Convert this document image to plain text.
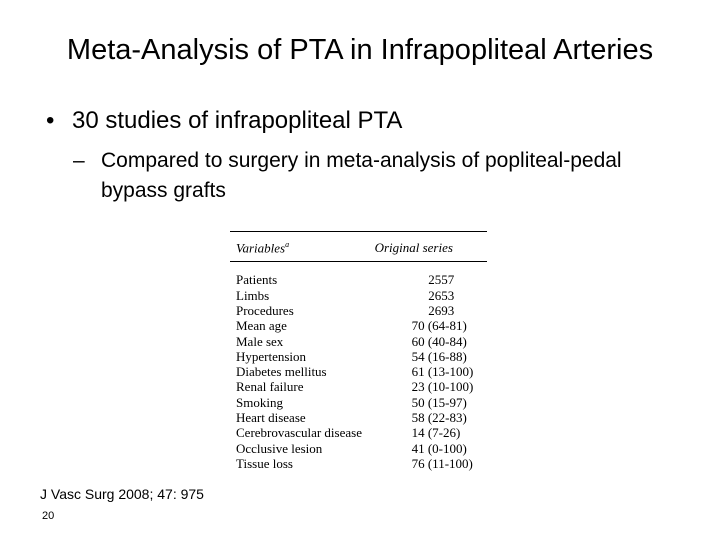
Meta-Analysis of PTA in Infrapopliteal Arteries
• 30 studies of infrapopliteal PTA
– Compared to surgery in meta-analysis of popliteal-pedal bypass grafts
Variables$^a$	Original series
Patients	2557
Limbs	2653
Procedures	2693
Mean age	70 (64-81)
Male sex	60 (40-84)
Hypertension	54 (16-88)
Diabetes mellitus	61 (13-100)
Renal failure	23 (10-100)
Smoking	50 (15-97)
Heart disease	58 (22-83)
Cerebrovascular disease	14 (7-26)
Occlusive lesion	41 (0-100)
Tissue loss	76 (11-100)
J Vasc Surg 2008; 47: 975
20
